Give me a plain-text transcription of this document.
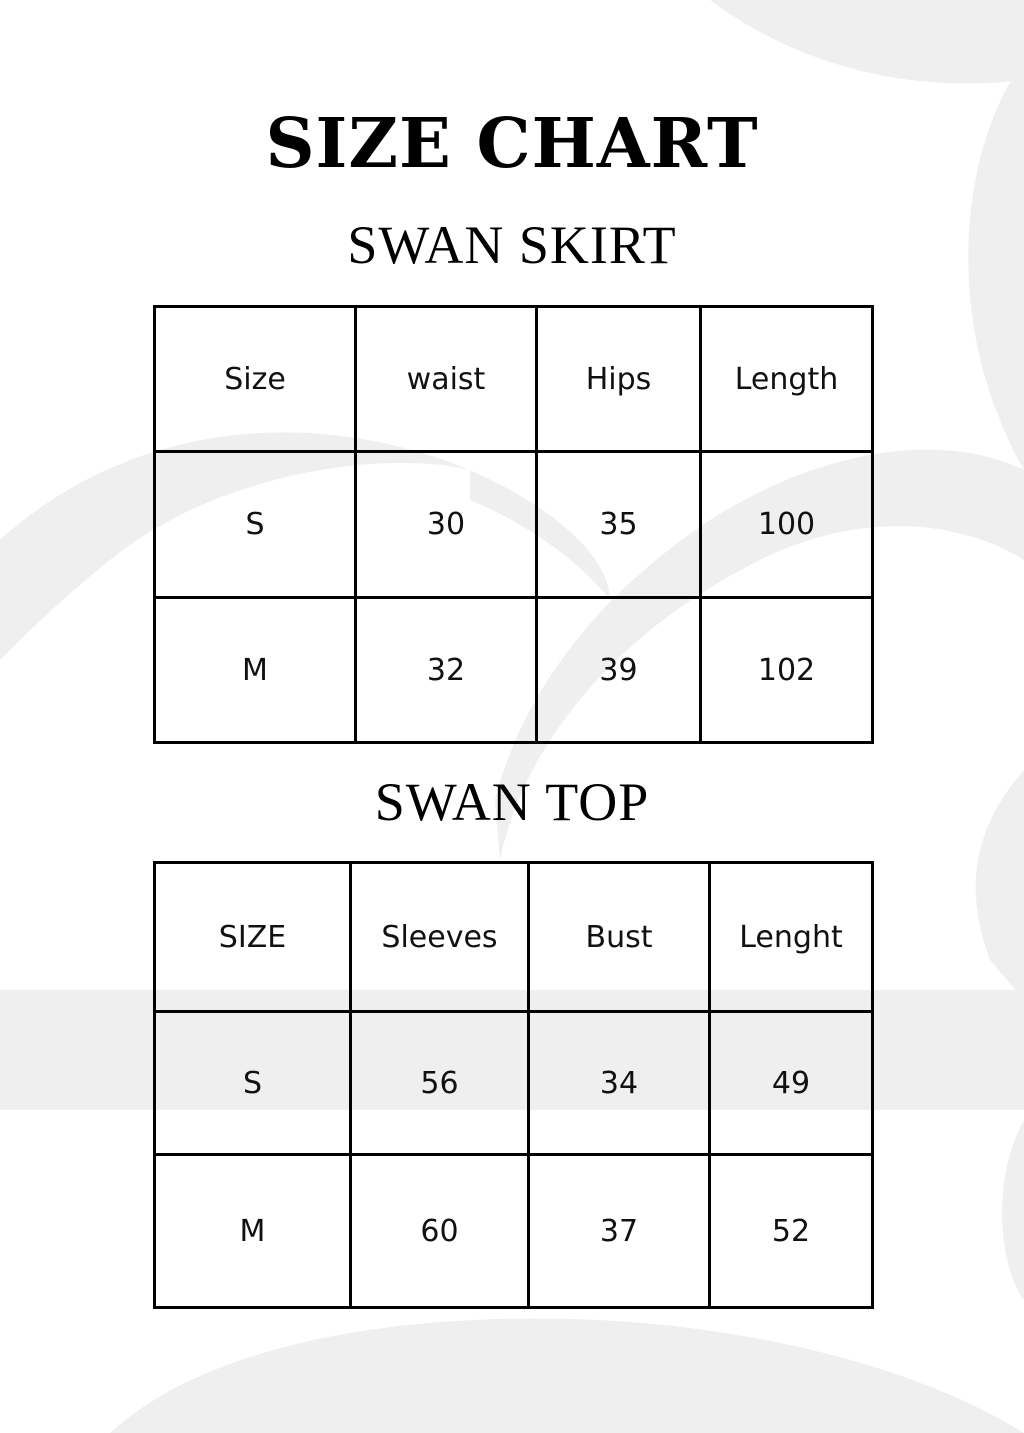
SIZE CHART
SWAN SKIRT
Size	waist	Hips	Length
S	30	35	100
M	32	39	102
SWAN TOP
SIZE	Sleeves	Bust	Lenght
S	56	34	49
M	60	37	52
